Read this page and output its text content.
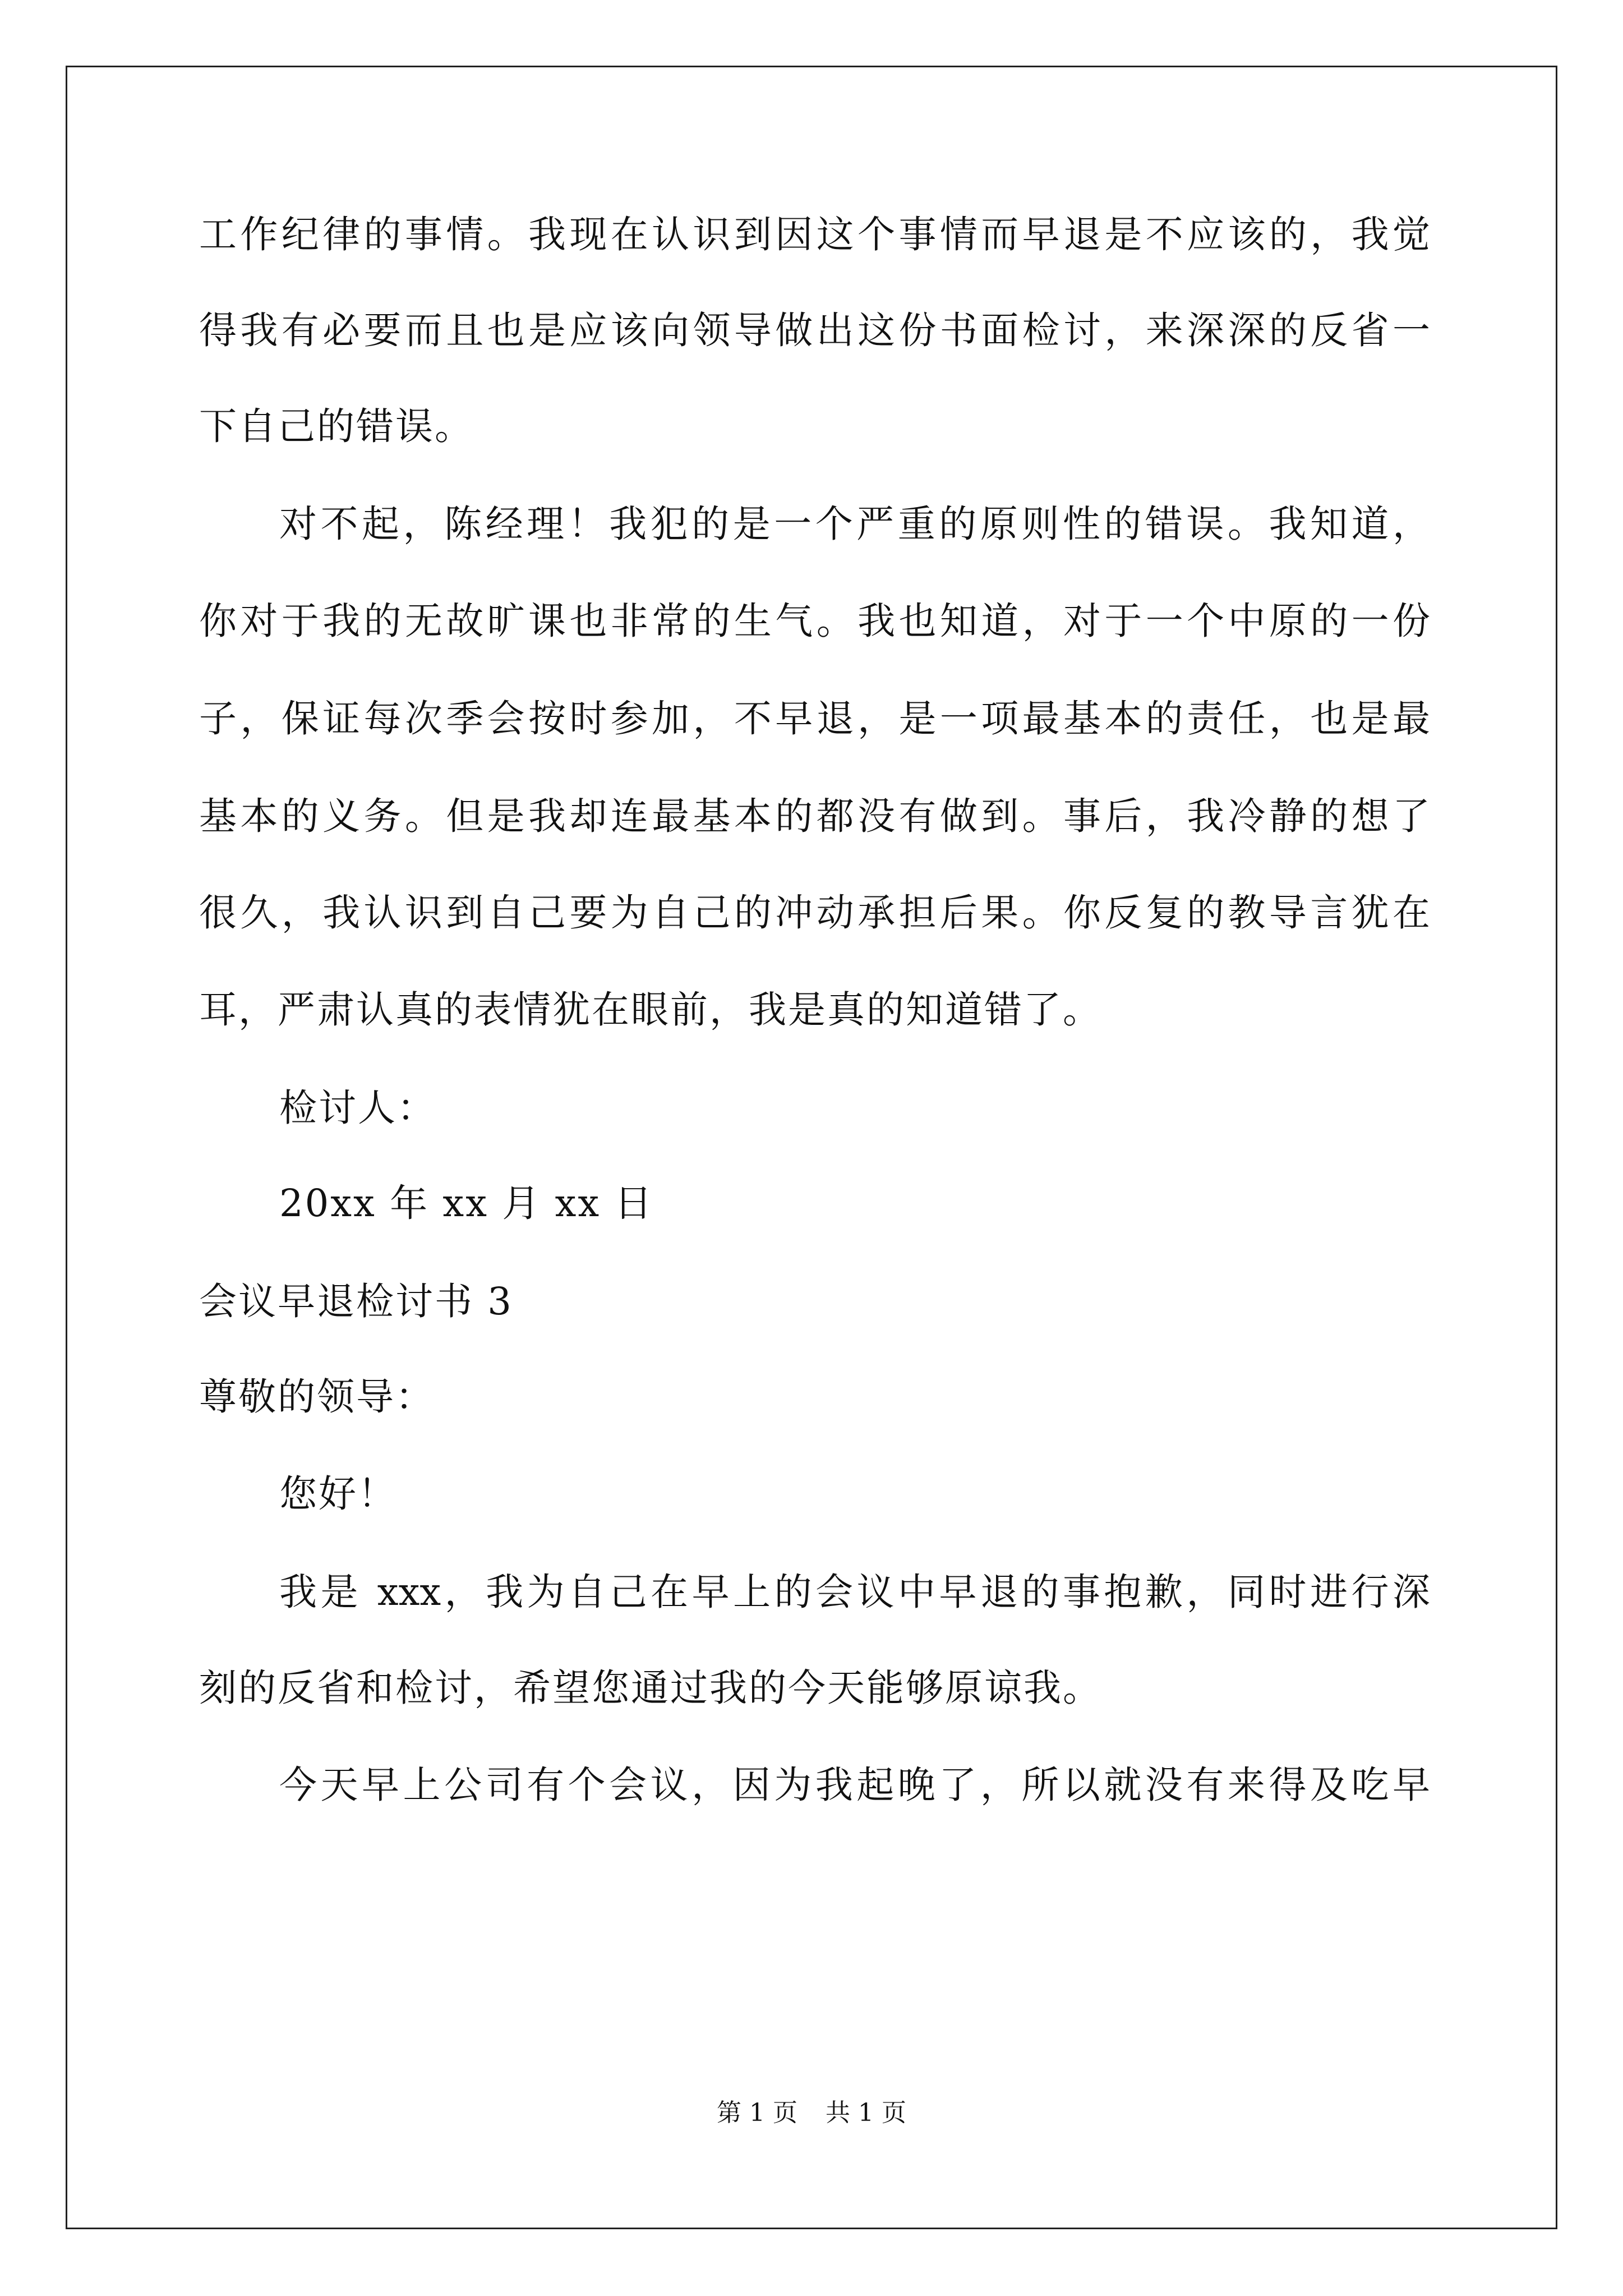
工作纪律的事情。我现在认识到因这个事情而早退是不应该的，我觉
得我有必要而且也是应该向领导做出这份书面检讨，来深深的反省一
下自己的错误。
对不起，陈经理！我犯的是一个严重的原则性的错误。我知道，
你对于我的无故旷课也非常的生气。我也知道，对于一个中原的一份
子，保证每次季会按时参加，不早退，是一项最基本的责任，也是最
基本的义务。但是我却连最基本的都没有做到。事后，我冷静的想了
很久，我认识到自己要为自己的冲动承担后果。你反复的教导言犹在
耳，严肃认真的表情犹在眼前，我是真的知道错了。
检讨人：
20xx 年 xx 月 xx 日
会议早退检讨书 3
尊敬的领导：
您好！
我是 xxx，我为自己在早上的会议中早退的事抱歉，同时进行深
刻的反省和检讨，希望您通过我的今天能够原谅我。
今天早上公司有个会议，因为我起晚了，所以就没有来得及吃早
第 1 页 共 1 页
